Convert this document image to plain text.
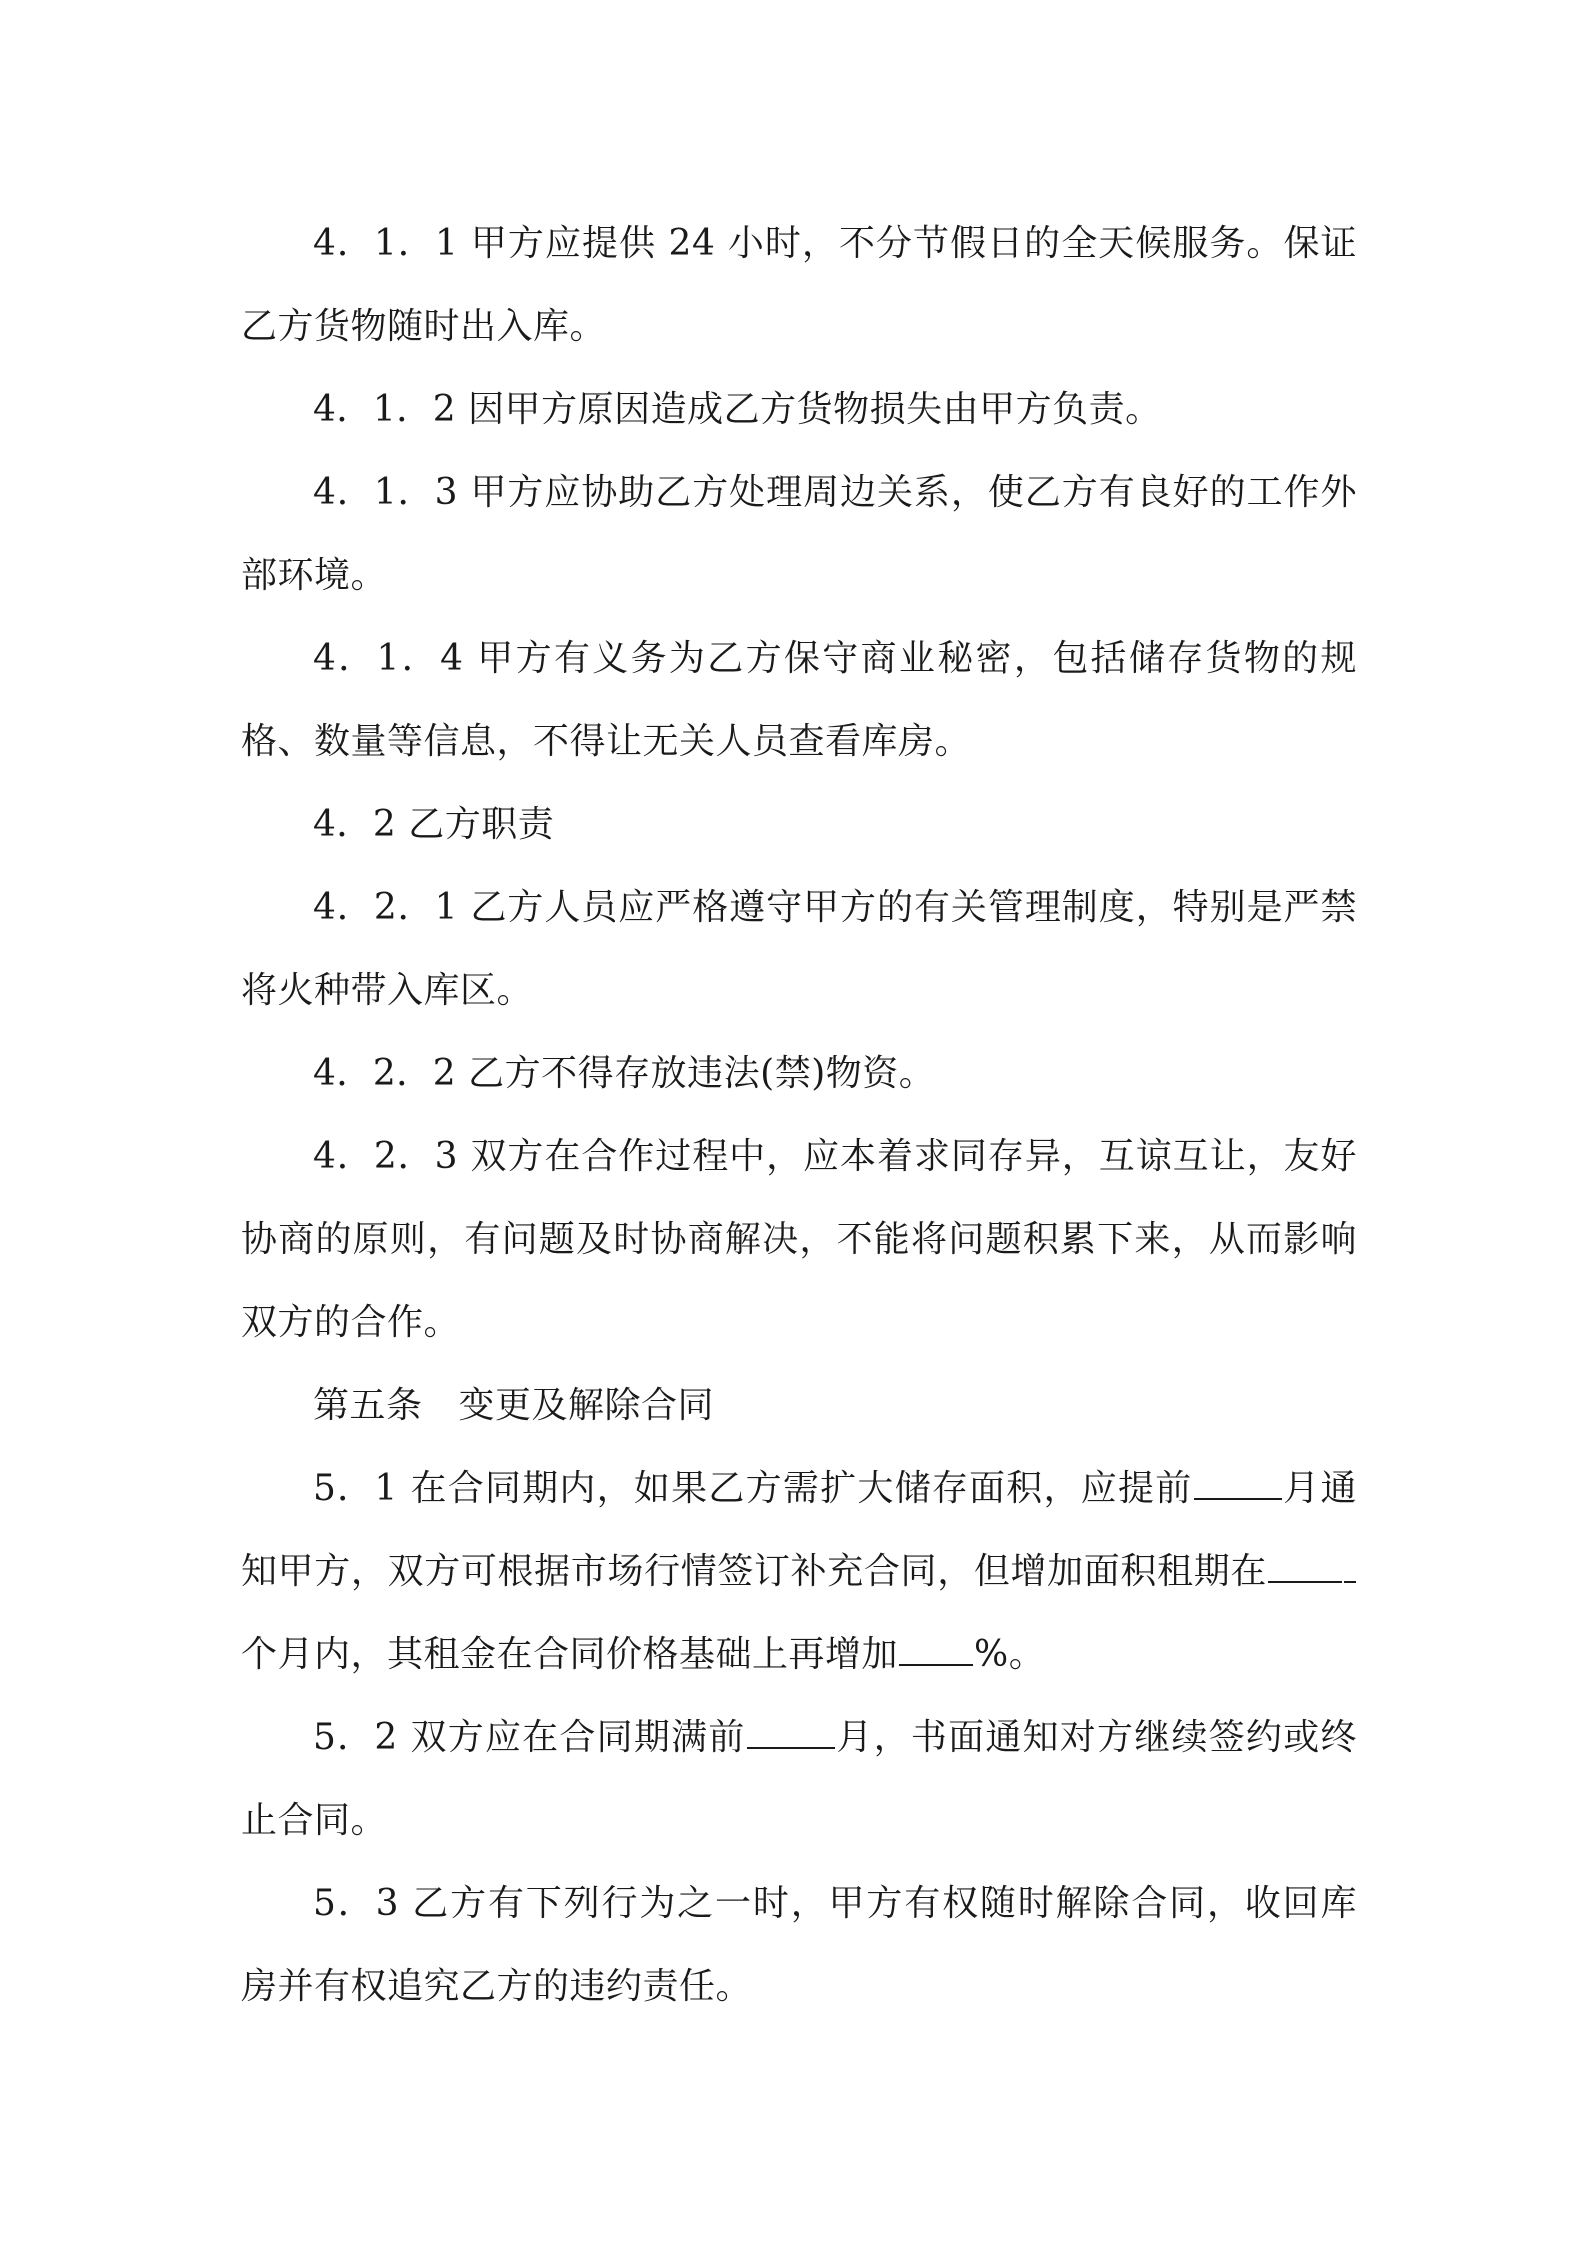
4．1．1 甲方应提供 24 小时，不分节假日的全天候服务。保证乙方货物随时出入库。

4．1．2 因甲方原因造成乙方货物损失由甲方负责。

4．1．3 甲方应协助乙方处理周边关系，使乙方有良好的工作外部环境。

4．1．4 甲方有义务为乙方保守商业秘密，包括储存货物的规格、数量等信息，不得让无关人员查看库房。

4．2 乙方职责

4．2．1 乙方人员应严格遵守甲方的有关管理制度，特别是严禁将火种带入库区。

4．2．2 乙方不得存放违法(禁)物资。

4．2．3 双方在合作过程中，应本着求同存异，互谅互让，友好协商的原则，有问题及时协商解决，不能将问题积累下来，从而影响双方的合作。

第五条 变更及解除合同

5．1 在合同期内，如果乙方需扩大储存面积，应提前	月通知甲方，双方可根据市场行情签订补充合同，但增加面积租期在个月内，其租金在合同价格基础上再增加 %。

5．2 双方应在合同期满前	月，书面通知对方继续签约或终止合同。

5．3 乙方有下列行为之一时，甲方有权随时解除合同，收回库房并有权追究乙方的违约责任。
